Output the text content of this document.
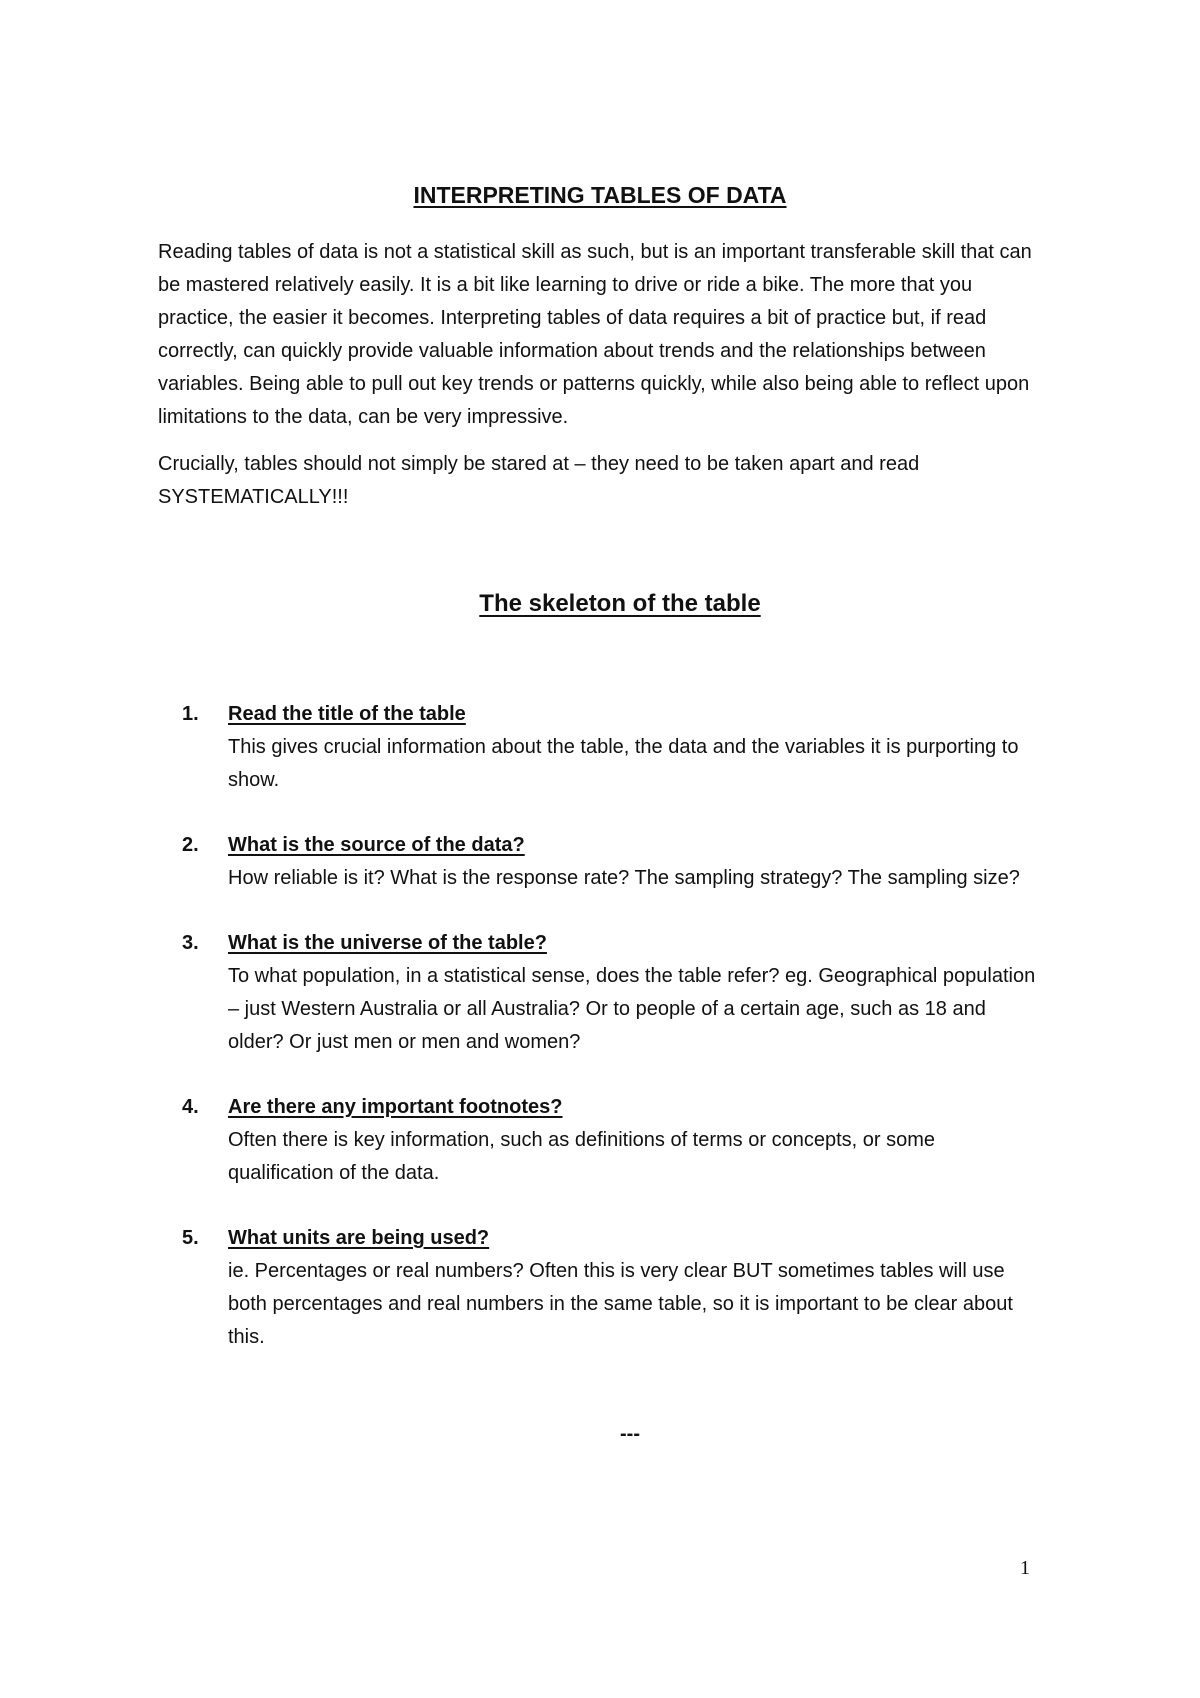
INTERPRETING TABLES OF DATA

Reading tables of data is not a statistical skill as such, but is an important transferable skill that can be mastered relatively easily. It is a bit like learning to drive or ride a bike. The more that you practice, the easier it becomes. Interpreting tables of data requires a bit of practice but, if read correctly, can quickly provide valuable information about trends and the relationships between variables. Being able to pull out key trends or patterns quickly, while also being able to reflect upon limitations to the data, can be very impressive.

Crucially, tables should not simply be stared at – they need to be taken apart and read SYSTEMATICALLY!!!

The skeleton of the table
1. Read the title of the table
This gives crucial information about the table, the data and the variables it is purporting to show.
2. What is the source of the data?
How reliable is it? What is the response rate? The sampling strategy? The sampling size?
3. What is the universe of the table?
To what population, in a statistical sense, does the table refer? eg. Geographical population – just Western Australia or all Australia? Or to people of a certain age, such as 18 and older? Or just men or men and women?
4. Are there any important footnotes?
Often there is key information, such as definitions of terms or concepts, or some qualification of the data.
5. What units are being used?
ie. Percentages or real numbers? Often this is very clear BUT sometimes tables will use both percentages and real numbers in the same table, so it is important to be clear about this.
---
1
